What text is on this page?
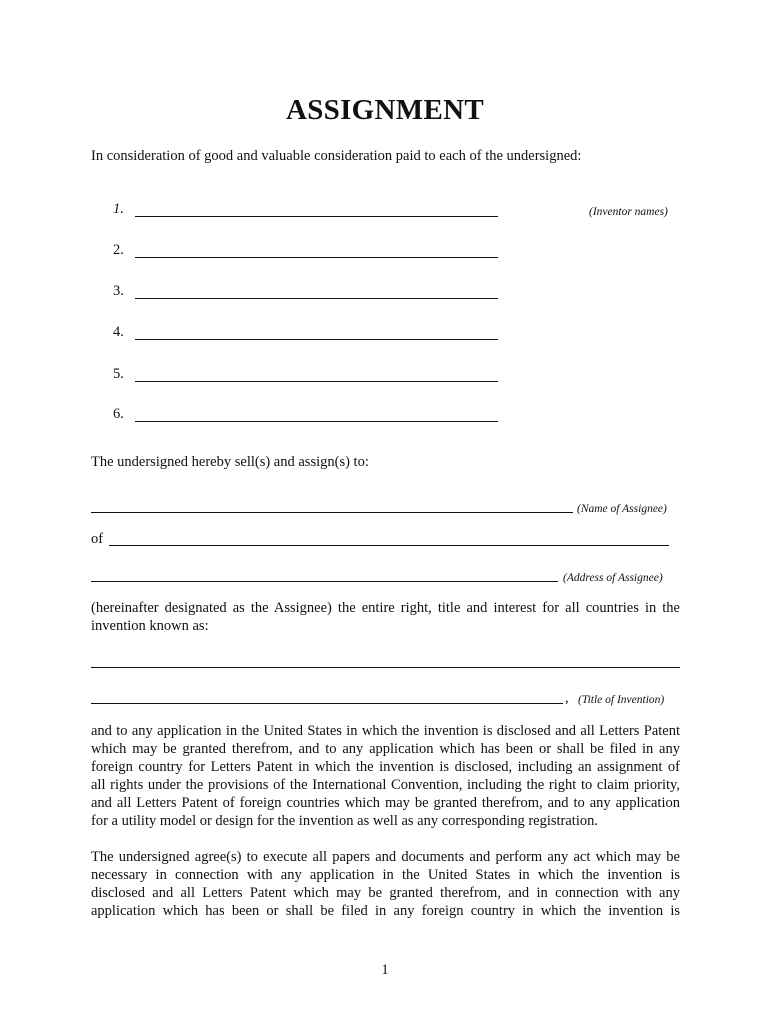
ASSIGNMENT
In consideration of good and valuable consideration paid to each of the undersigned:
1.	(Inventor names)
2.
3.
4.
5.
6.
The undersigned hereby sell(s) and assign(s) to:
(Name of Assignee)
of
(Address of Assignee)
(hereinafter designated as the Assignee) the entire right, title and interest for all countries in the
invention known as:
, (Title of Invention)
and to any application in the United States in which the invention is disclosed and all Letters Patent
which may be granted therefrom, and to any application which has been or shall be filed in any
foreign country for Letters Patent in which the invention is disclosed, including an assignment of
all rights under the provisions of the International Convention, including the right to claim priority,
and all Letters Patent of foreign countries which may be granted therefrom, and to any application
for a utility model or design for the invention as well as any corresponding registration.
The undersigned agree(s) to execute all papers and documents and perform any act which may be
necessary in connection with any application in the United States in which the invention is
disclosed and all Letters Patent which may be granted therefrom, and in connection with any
application which has been or shall be filed in any foreign country in which the invention is
1
